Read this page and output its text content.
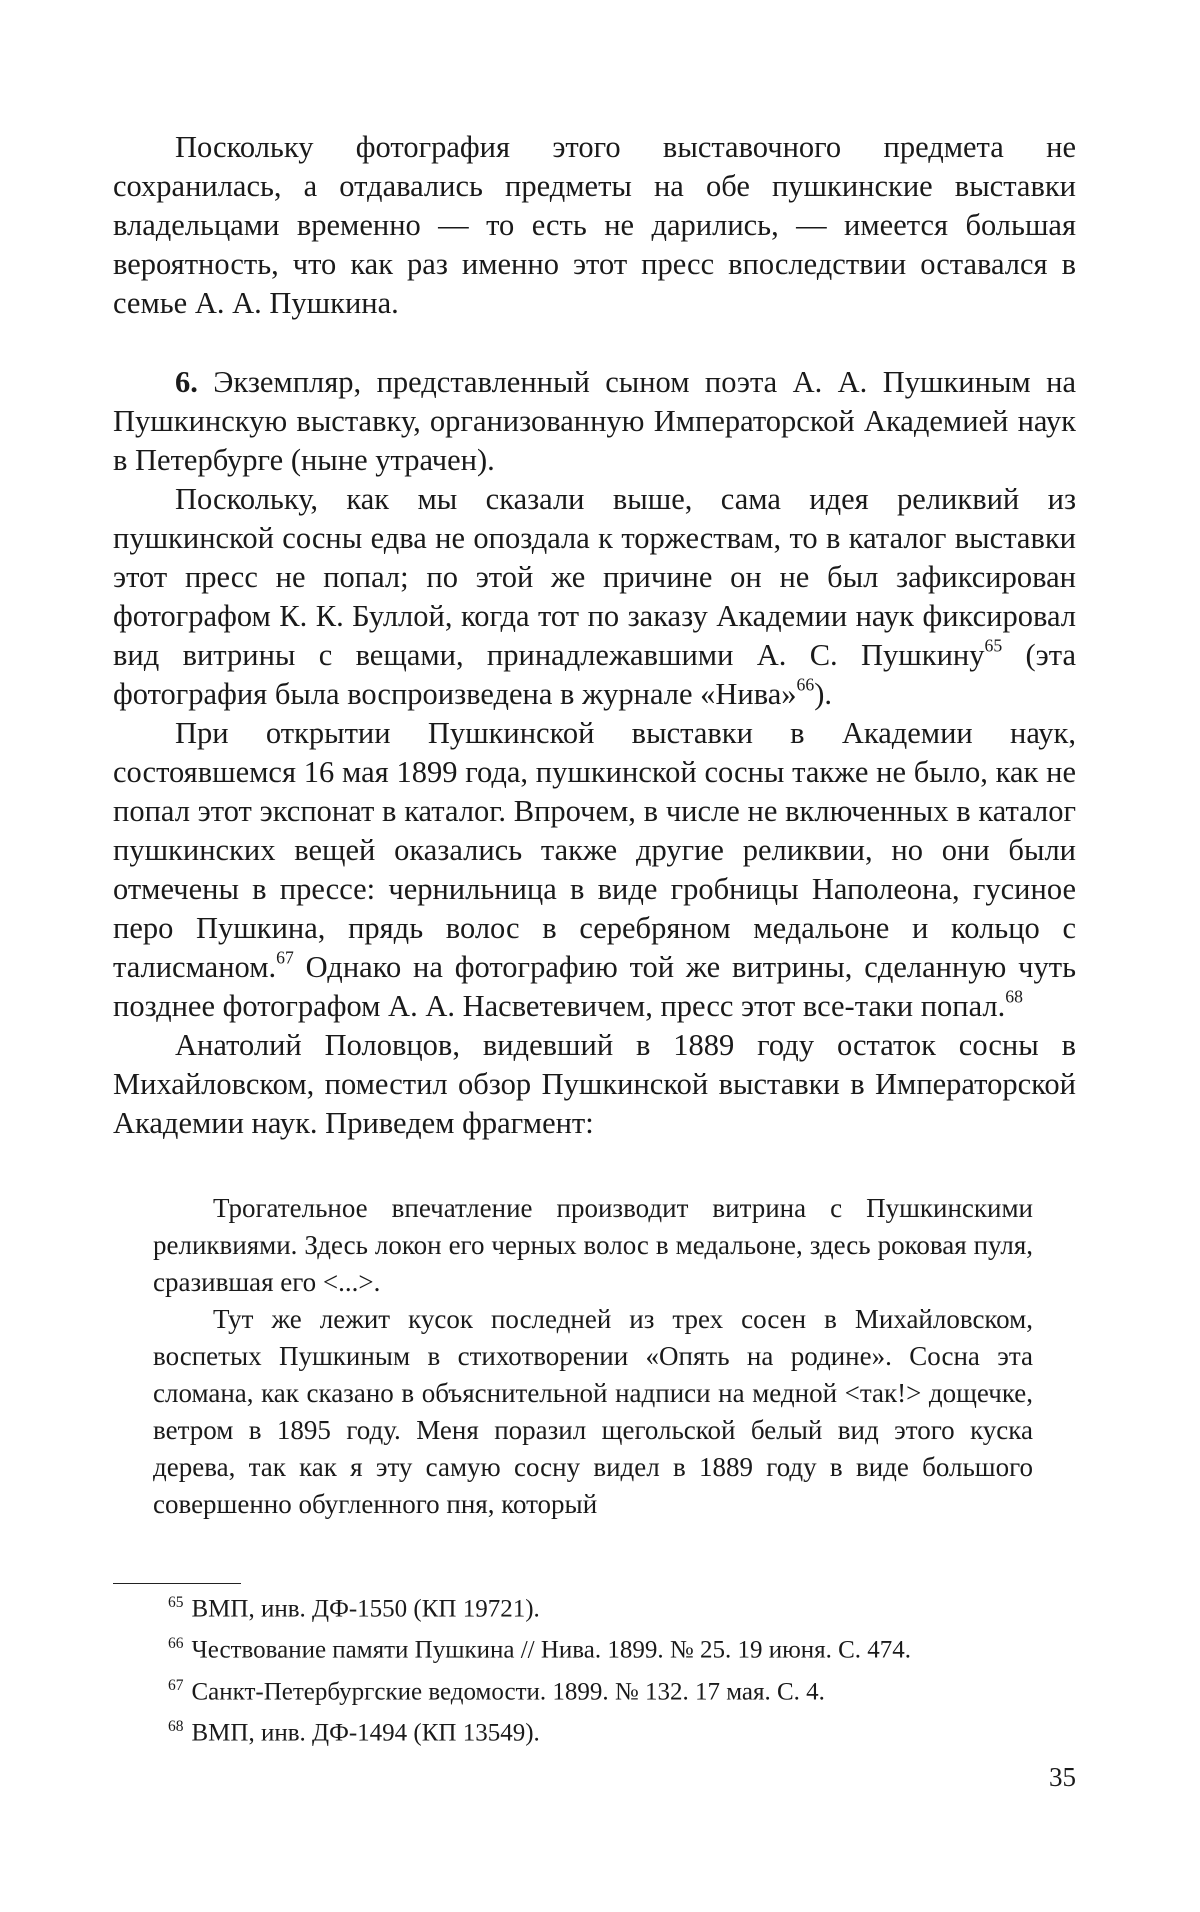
Поскольку фотография этого выставочного предмета не сохранилась, а отдавались предметы на обе пушкинские выставки владельцами временно — то есть не дарились, — имеется большая вероятность, что как раз именно этот пресс впоследствии оставался в семье А. А. Пушкина.

6. Экземпляр, представленный сыном поэта А. А. Пушкиным на Пушкинскую выставку, организованную Императорской Академией наук в Петербурге (ныне утрачен).

Поскольку, как мы сказали выше, сама идея реликвий из пушкинской сосны едва не опоздала к торжествам, то в каталог выставки этот пресс не попал; по этой же причине он не был зафиксирован фотографом К. К. Буллой, когда тот по заказу Академии наук фиксировал вид витрины с вещами, принадлежавшими А. С. Пушкину$^{65}$ (эта фотография была воспроизведена в журнале «Нива»$^{66}$).

При открытии Пушкинской выставки в Академии наук, состоявшемся 16 мая 1899 года, пушкинской сосны также не было, как не попал этот экспонат в каталог. Впрочем, в числе не включенных в каталог пушкинских вещей оказались также другие реликвии, но они были отмечены в прессе: чернильница в виде гробницы Наполеона, гусиное перо Пушкина, прядь волос в серебряном медальоне и кольцо с талисманом.$^{67}$ Однако на фотографию той же витрины, сделанную чуть позднее фотографом А. А. Насветевичем, пресс этот все-таки попал.$^{68}$

Анатолий Половцов, видевший в 1889 году остаток сосны в Михайловском, поместил обзор Пушкинской выставки в Императорской Академии наук. Приведем фрагмент:

Трогательное впечатление производит витрина с Пушкинскими реликвиями. Здесь локон его черных волос в медальоне, здесь роковая пуля, сразившая его <...>.

Тут же лежит кусок последней из трех сосен в Михайловском, воспетых Пушкиным в стихотворении «Опять на родине». Сосна эта сломана, как сказано в объяснительной надписи на медной <так!> дощечке, ветром в 1895 году. Меня поразил щегольской белый вид этого куска дерева, так как я эту самую сосну видел в 1889 году в виде большого совершенно обугленного пня, который

$^{65}$ ВМП, инв. ДФ-1550 (КП 19721).
$^{66}$ Чествование памяти Пушкина // Нива. 1899. № 25. 19 июня. С. 474.
$^{67}$ Санкт-Петербургские ведомости. 1899. № 132. 17 мая. С. 4.
$^{68}$ ВМП, инв. ДФ-1494 (КП 13549).
35
